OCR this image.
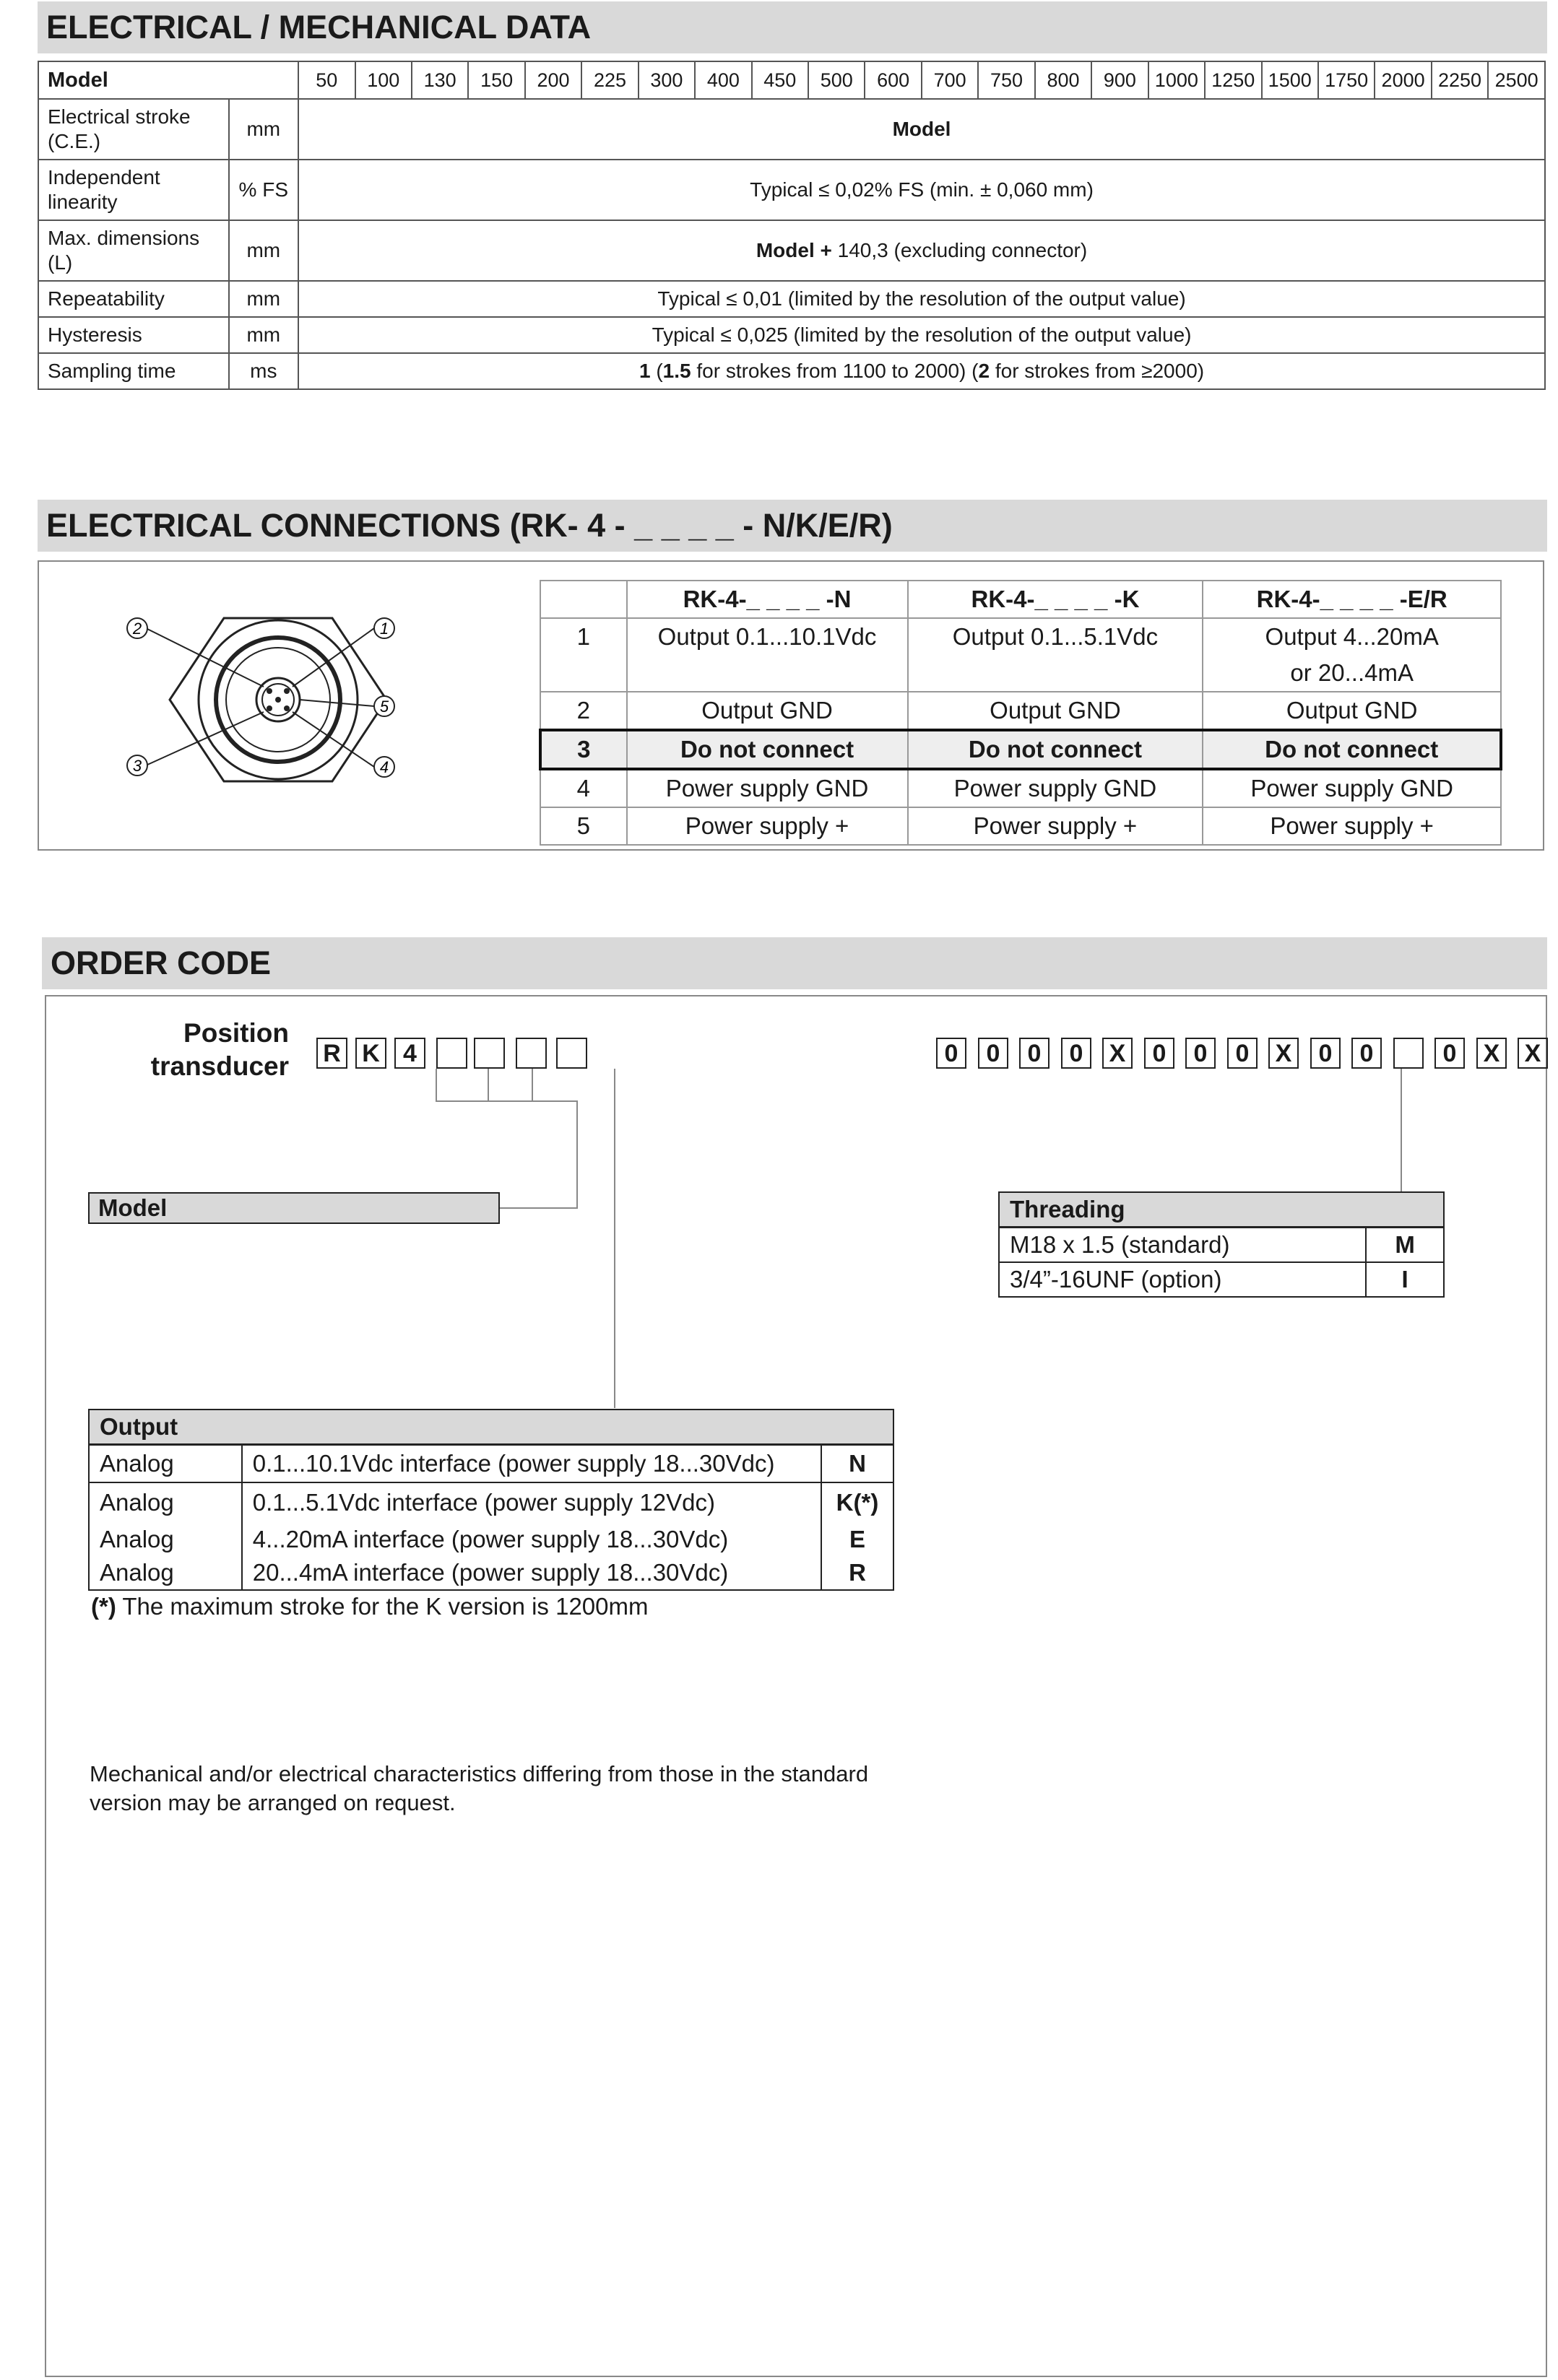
ELECTRICAL / MECHANICAL DATA
Model		50	100	130	150	200	225	300	400	450	500	600	700	750	800	900	1000	1250	1500	1750	2000	2250	2500
Electrical stroke (C.E.)	mm	Model																					
Independent linearity	% FS	Typical ≤ 0,02% FS (min. ± 0,060 mm)																					
Max. dimensions (L)	mm	Model + 140,3 (excluding connector)																					
Repeatability	mm	Typical ≤ 0,01 (limited by the resolution of the output value)																					
Hysteresis	mm	Typical ≤ 0,025 (limited by the resolution of the output value)																					
Sampling time	ms	1 (1.5 for strokes from 1100 to 2000) (2 for strokes from ≥2000)																					
ELECTRICAL CONNECTIONS (RK- 4 - _ _ _ _ - N/K/E/R)
2	1
5
3	4
	RK-4-_ _ _ _ -N	RK-4-_ _ _ _ -K	RK-4-_ _ _ _ -E/R
1	Output 0.1...10.1Vdc	Output 0.1...5.1Vdc	Output 4...20mA
			or 20...4mA
2	Output GND	Output GND	Output GND
3	Do not connect	Do not connect	Do not connect
4	Power supply GND	Power supply GND	Power supply GND
5	Power supply +	Power supply +	Power supply +
ORDER CODE
Position
transducer R K 4	0	0	0	0	X	0	0	0	X	0	0	0	X X
Model	Threading	
M18 x 1.5 (standard)	M
3/4”-16UNF (option)	I
Output		
Analog	0.1...10.1Vdc interface (power supply 18...30Vdc)	N
Analog	0.1...5.1Vdc interface (power supply 12Vdc)	K(*)
Analog	4...20mA interface (power supply 18...30Vdc)	E
Analog	20...4mA interface (power supply 18...30Vdc)	R
(*) The maximum stroke for the K version is 1200mm
Mechanical and/or electrical characteristics differing from those in the standard version may be arranged on request.
